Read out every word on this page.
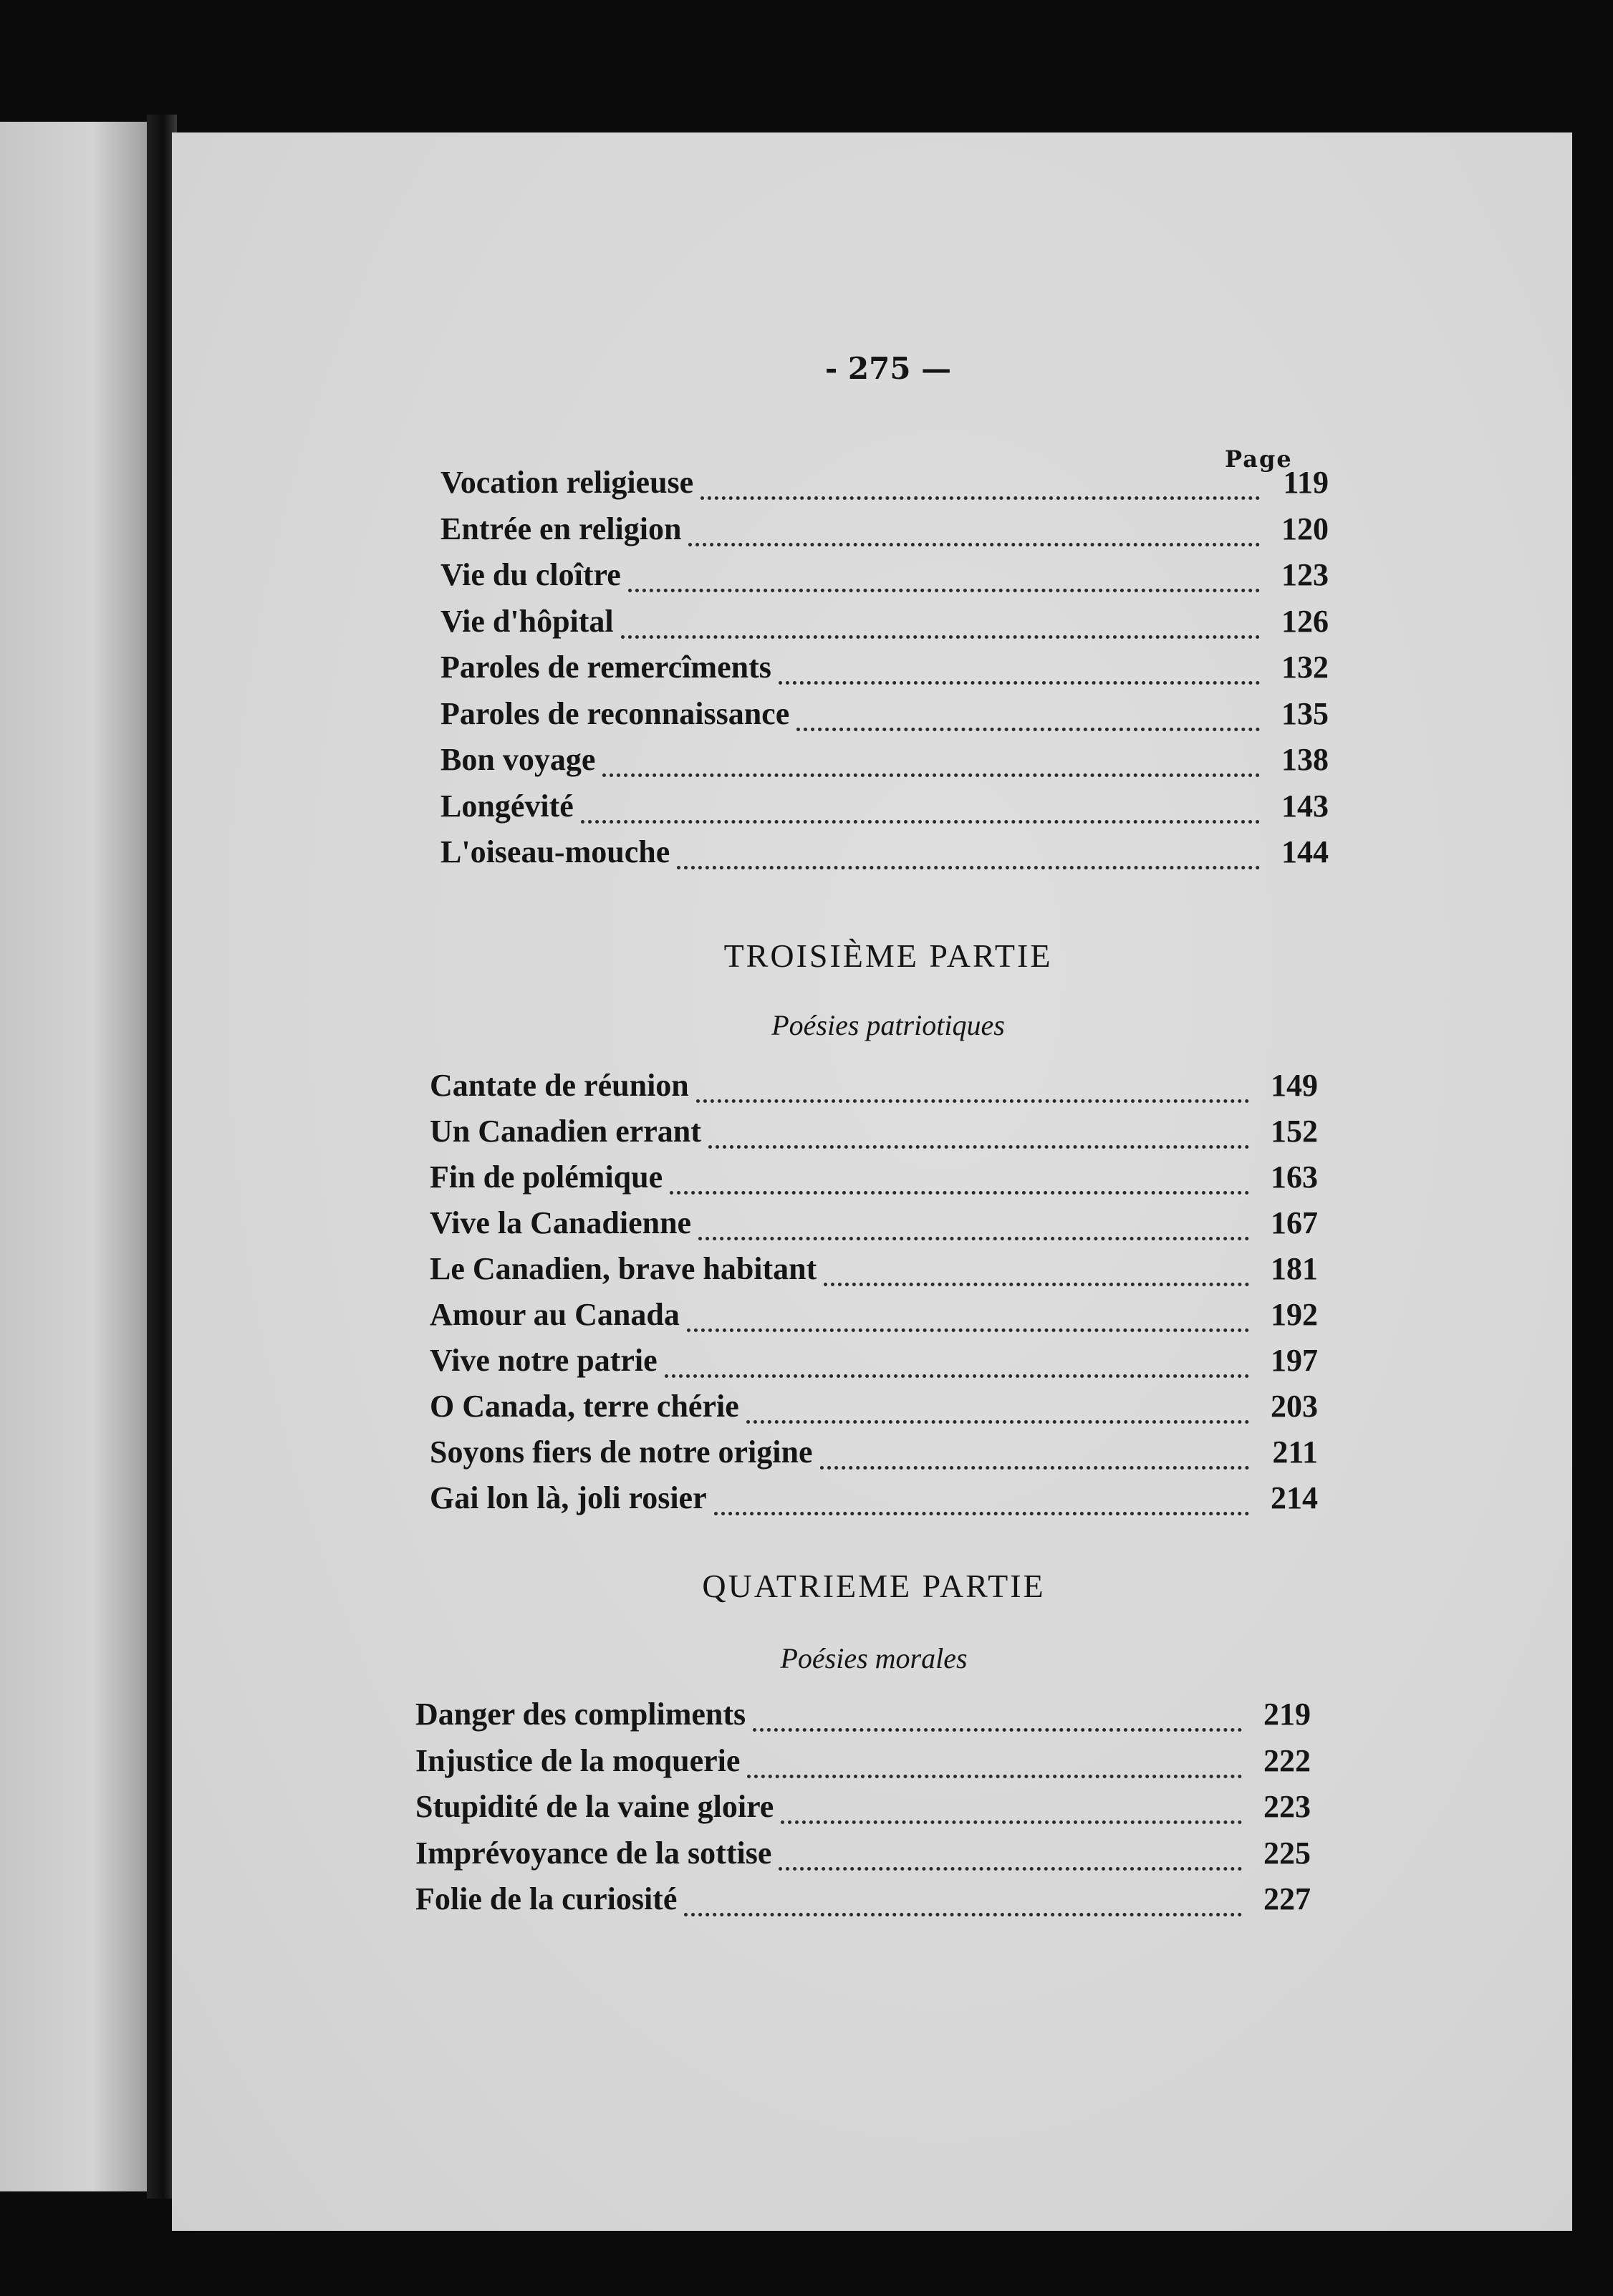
- 275 —
Page
Vocation religieuse	119
Entrée en religion	120
Vie du cloître	123
Vie d'hôpital	126
Paroles de remercîments	132
Paroles de reconnaissance	135
Bon voyage	138
Longévité	143
L'oiseau-mouche	144
TROISIÈME PARTIE
Poésies patriotiques
Cantate de réunion	149
Un Canadien errant	152
Fin de polémique	163
Vive la Canadienne	167
Le Canadien, brave habitant	181
Amour au Canada	192
Vive notre patrie	197
O Canada, terre chérie	203
Soyons fiers de notre origine	211
Gai lon là, joli rosier	214
QUATRIEME PARTIE
Poésies morales
Danger des compliments	219
Injustice de la moquerie	222
Stupidité de la vaine gloire	223
Imprévoyance de la sottise	225
Folie de la curiosité	227
